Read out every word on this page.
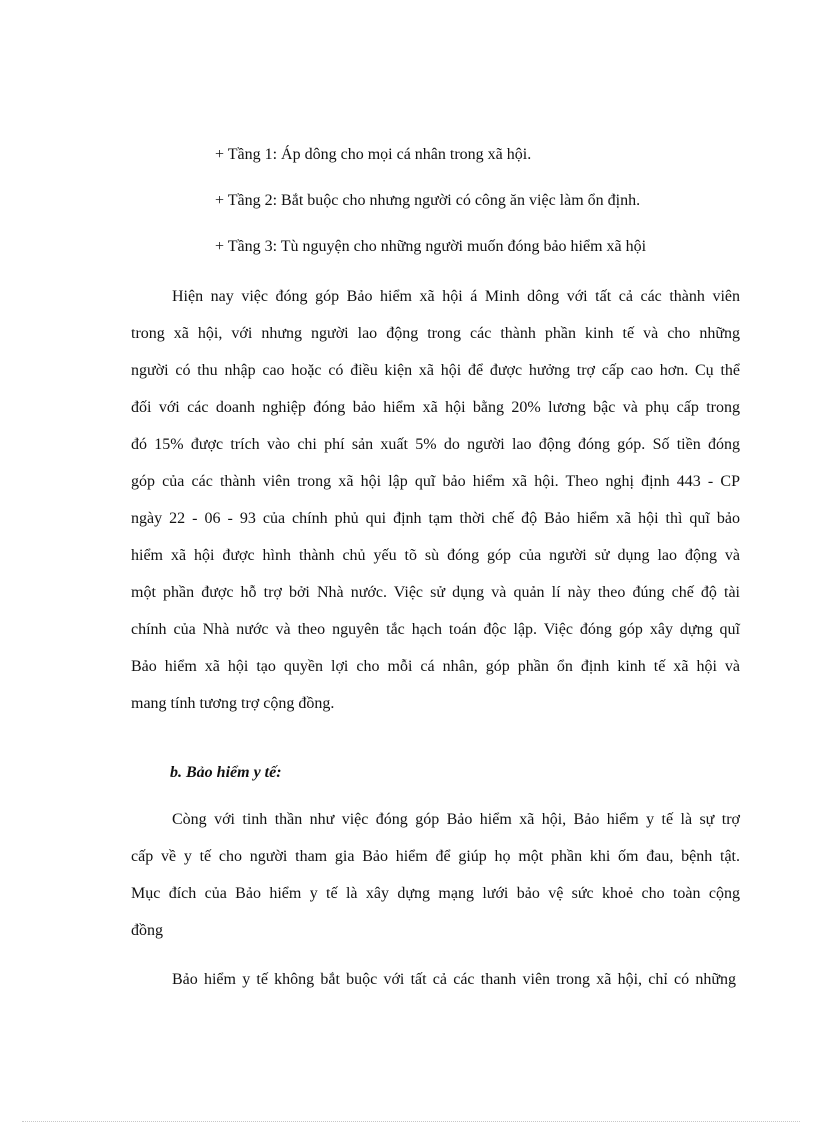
+ Tầng 1: Áp dông cho mọi cá nhân trong xã hội.
+ Tầng 2: Bắt buộc cho nhưng người có công ăn việc làm ổn định.
+ Tầng 3: Tù nguyện cho những người muốn đóng bảo hiểm xã hội
Hiện nay việc đóng góp Bảo hiểm xã hội á Minh dông với tất cả các thành viên
trong xã hội, với nhưng người lao động trong các thành phần kinh tế và cho những
người có thu nhập cao hoặc có điều kiện xã hội để được hưởng trợ cấp cao hơn. Cụ thể
đối với các doanh nghiệp đóng bảo hiểm xã hội bằng 20% lương bậc và phụ cấp trong
đó 15% được trích vào chi phí sản xuất 5% do người lao động đóng góp. Số tiền đóng
góp của các thành viên trong xã hội lập quĩ bảo hiểm xã hội. Theo nghị định 443 - CP
ngày 22 - 06 - 93 của chính phủ qui định tạm thời chế độ Bảo hiểm xã hội thì quĩ bảo
hiểm xã hội được hình thành chủ yếu tõ sù đóng góp của người sử dụng lao động và
một phần được hỗ trợ bởi Nhà nước. Việc sử dụng và quản lí này theo đúng chế độ tài
chính của Nhà nước và theo nguyên tắc hạch toán độc lập. Việc đóng góp xây dựng quĩ
Bảo hiểm xã hội tạo quyền lợi cho mỗi cá nhân, góp phần ổn định kinh tế xã hội và
mang tính tương trợ cộng đồng.
b. Bảo hiểm y tế:
Còng với tinh thần như việc đóng góp Bảo hiểm xã hội, Bảo hiểm y tế là sự trợ
cấp về y tế cho người tham gia Bảo hiểm để giúp họ một phần khi ốm đau, bệnh tật.
Mục đích của Bảo hiểm y tế là xây dựng mạng lưới bảo vệ sức khoẻ cho toàn cộng
đồng
Bảo hiểm y tế không bắt buộc với tất cả các thanh viên trong xã hội, chỉ có những
